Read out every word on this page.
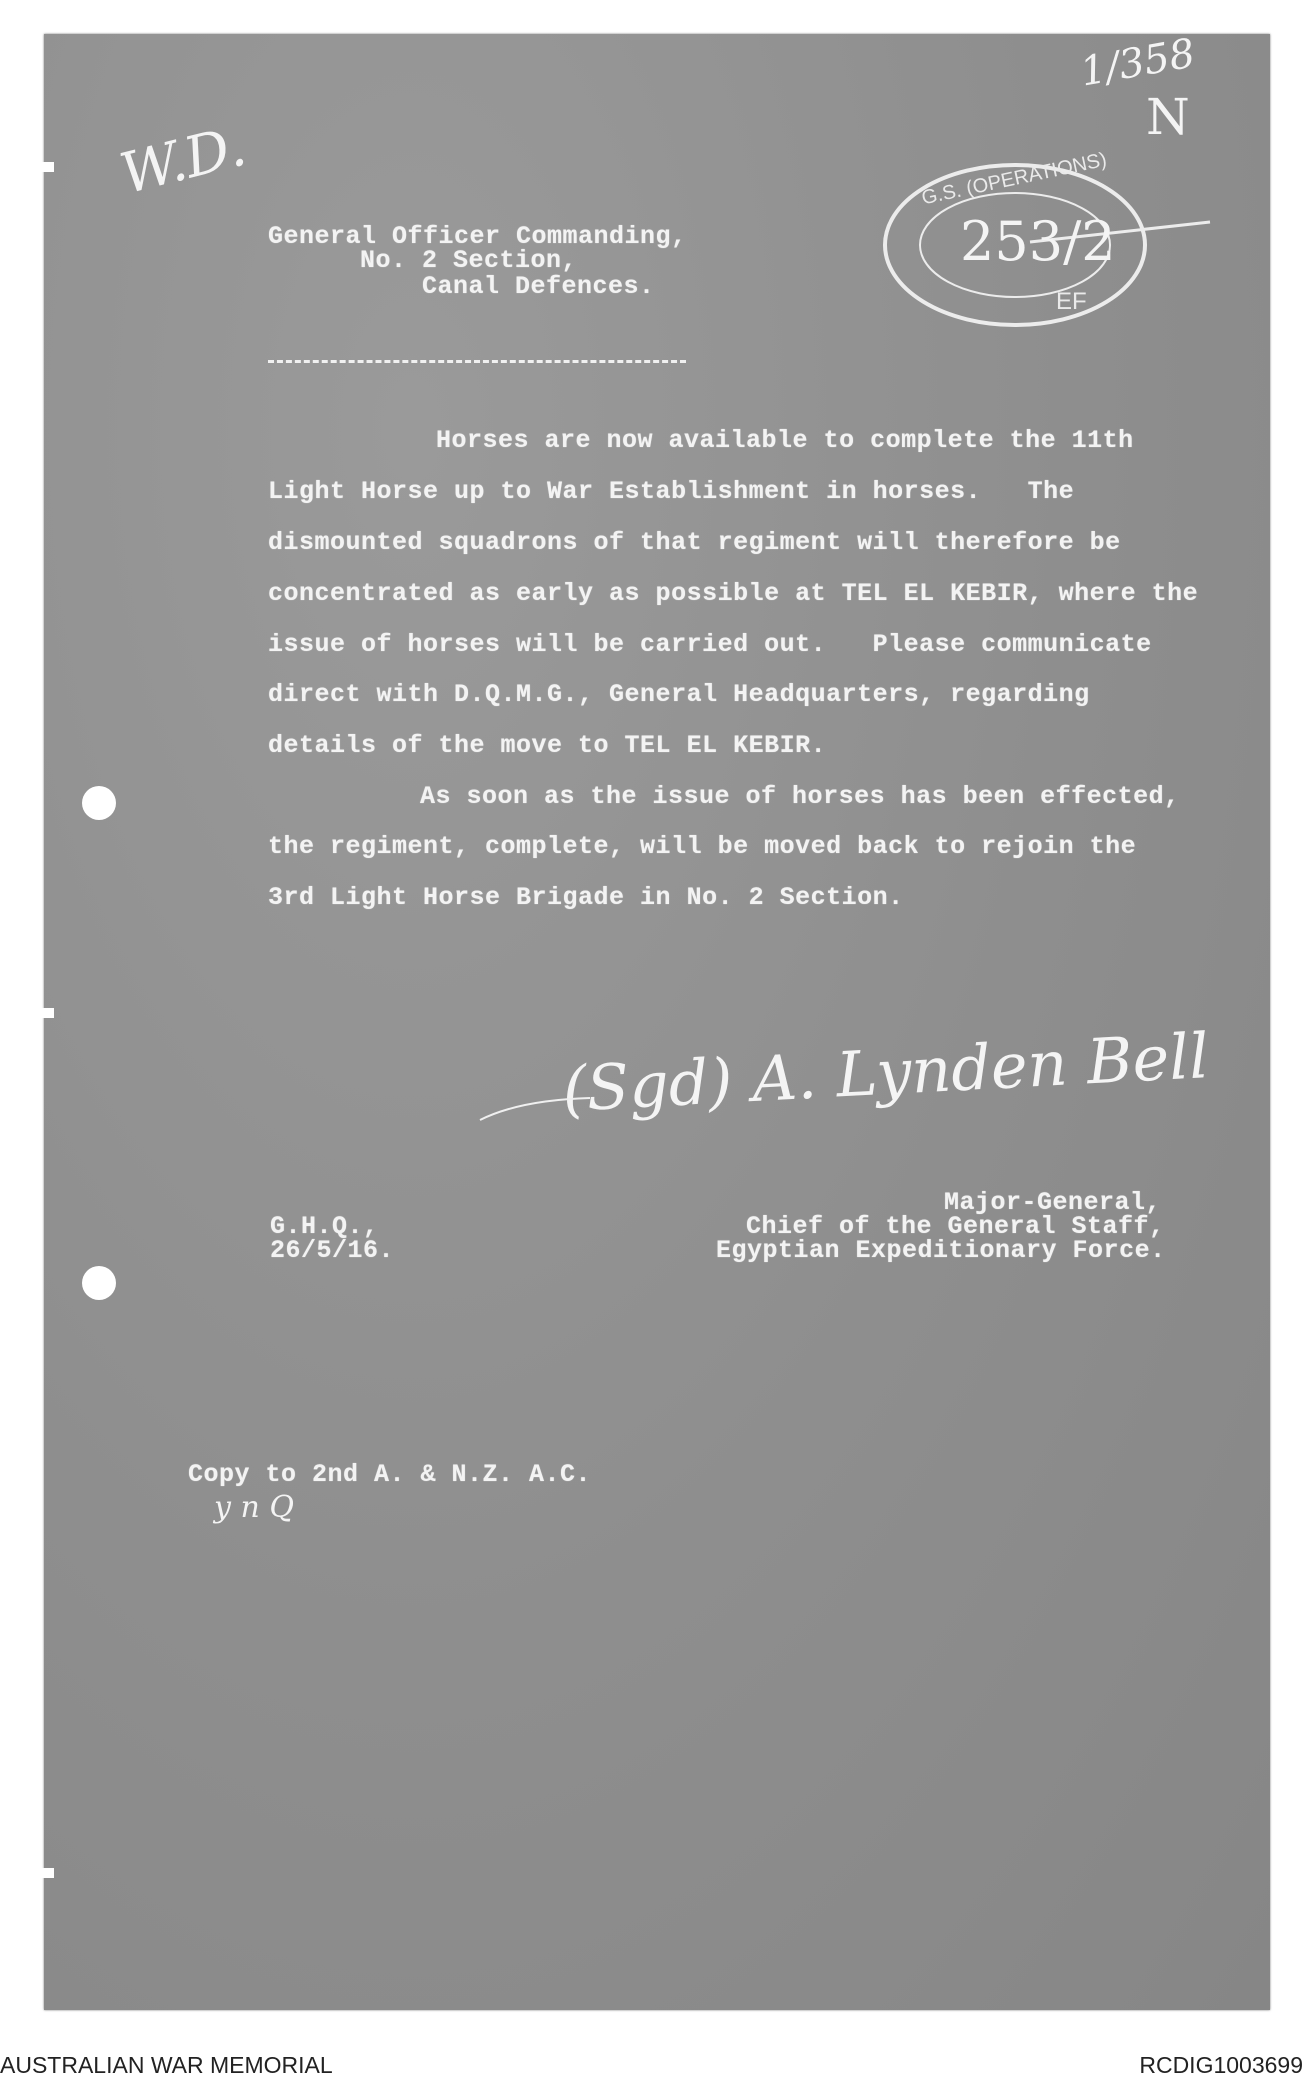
1/358
N
W.D.	G.S. (OPERATIONS)
253/2
EF
General Officer Commanding,
No. 2 Section,
Canal Defences.
Horses are now available to complete the 11th
Light Horse up to War Establishment in horses.   The
dismounted squadrons of that regiment will therefore be
concentrated as early as possible at TEL EL KEBIR, where the
issue of horses will be carried out.   Please communicate
direct with D.Q.M.G., General Headquarters, regarding
details of the move to TEL EL KEBIR.
As soon as the issue of horses has been effected,
the regiment, complete, will be moved back to rejoin the
3rd Light Horse Brigade in No. 2 Section.
(Sgd) A. Lynden Bell
Major-General,
Chief of the General Staff,
Egyptian Expeditionary Force.
G.H.Q.,
26/5/16.
Copy to 2nd A. & N.Z. A.C.
y n Q
AUSTRALIAN WAR MEMORIAL	RCDIG1003699
